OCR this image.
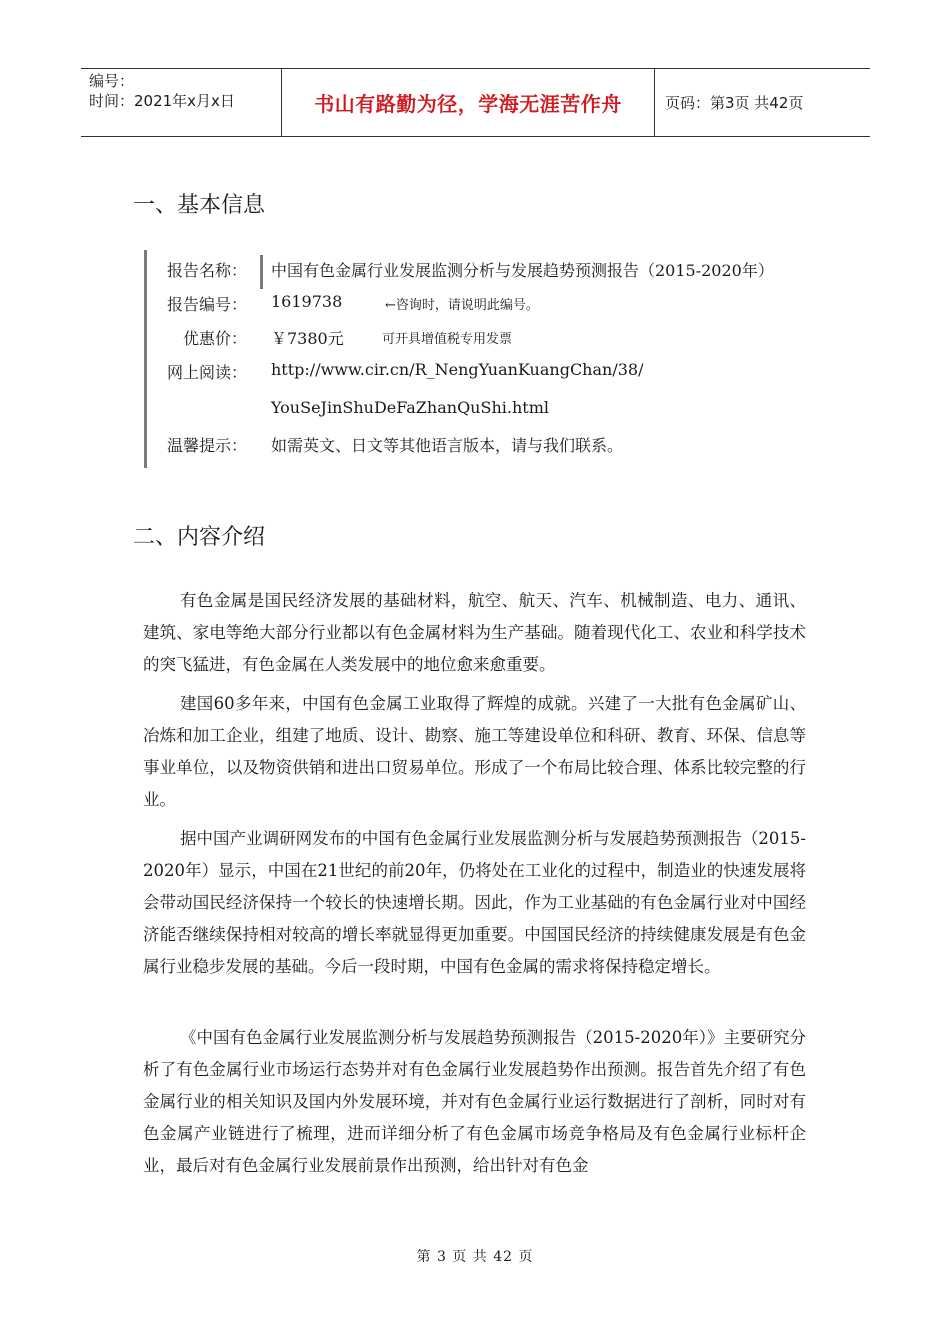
编号：
时间：2021年x月x日	书山有路勤为径，学海无涯苦作舟	页码：第3页 共42页
一、基本信息
报告名称： 中国有色金属行业发展监测分析与发展趋势预测报告（2015-2020年）
报告编号： 1619738	←咨询时，请说明此编号。
优惠价： ￥7380元	可开具增值税专用发票
网上阅读： http://www.cir.cn/R_NengYuanKuangChan/38/
YouSeJinShuDeFaZhanQuShi.html
温馨提示： 如需英文、日文等其他语言版本，请与我们联系。
二、内容介绍

有色金属是国民经济发展的基础材料，航空、航天、汽车、机械制造、电力、通讯、建筑、家电等绝大部分行业都以有色金属材料为生产基础。随着现代化工、农业和科学技术的突飞猛进，有色金属在人类发展中的地位愈来愈重要。

建国60多年来，中国有色金属工业取得了辉煌的成就。兴建了一大批有色金属矿山、冶炼和加工企业，组建了地质、设计、勘察、施工等建设单位和科研、教育、环保、信息等事业单位，以及物资供销和进出口贸易单位。形成了一个布局比较合理、体系比较完整的行业。

据中国产业调研网发布的中国有色金属行业发展监测分析与发展趋势预测报告（2015-2020年）显示，中国在21世纪的前20年，仍将处在工业化的过程中，制造业的快速发展将会带动国民经济保持一个较长的快速增长期。因此，作为工业基础的有色金属行业对中国经济能否继续保持相对较高的增长率就显得更加重要。中国国民经济的持续健康发展是有色金属行业稳步发展的基础。今后一段时期，中国有色金属的需求将保持稳定增长。

《中国有色金属行业发展监测分析与发展趋势预测报告（2015-2020年）》主要研究分析了有色金属行业市场运行态势并对有色金属行业发展趋势作出预测。报告首先介绍了有色金属行业的相关知识及国内外发展环境，并对有色金属行业运行数据进行了剖析，同时对有色金属产业链进行了梳理，进而详细分析了有色金属市场竞争格局及有色金属行业标杆企业，最后对有色金属行业发展前景作出预测，给出针对有色金

第 3 页 共 42 页
